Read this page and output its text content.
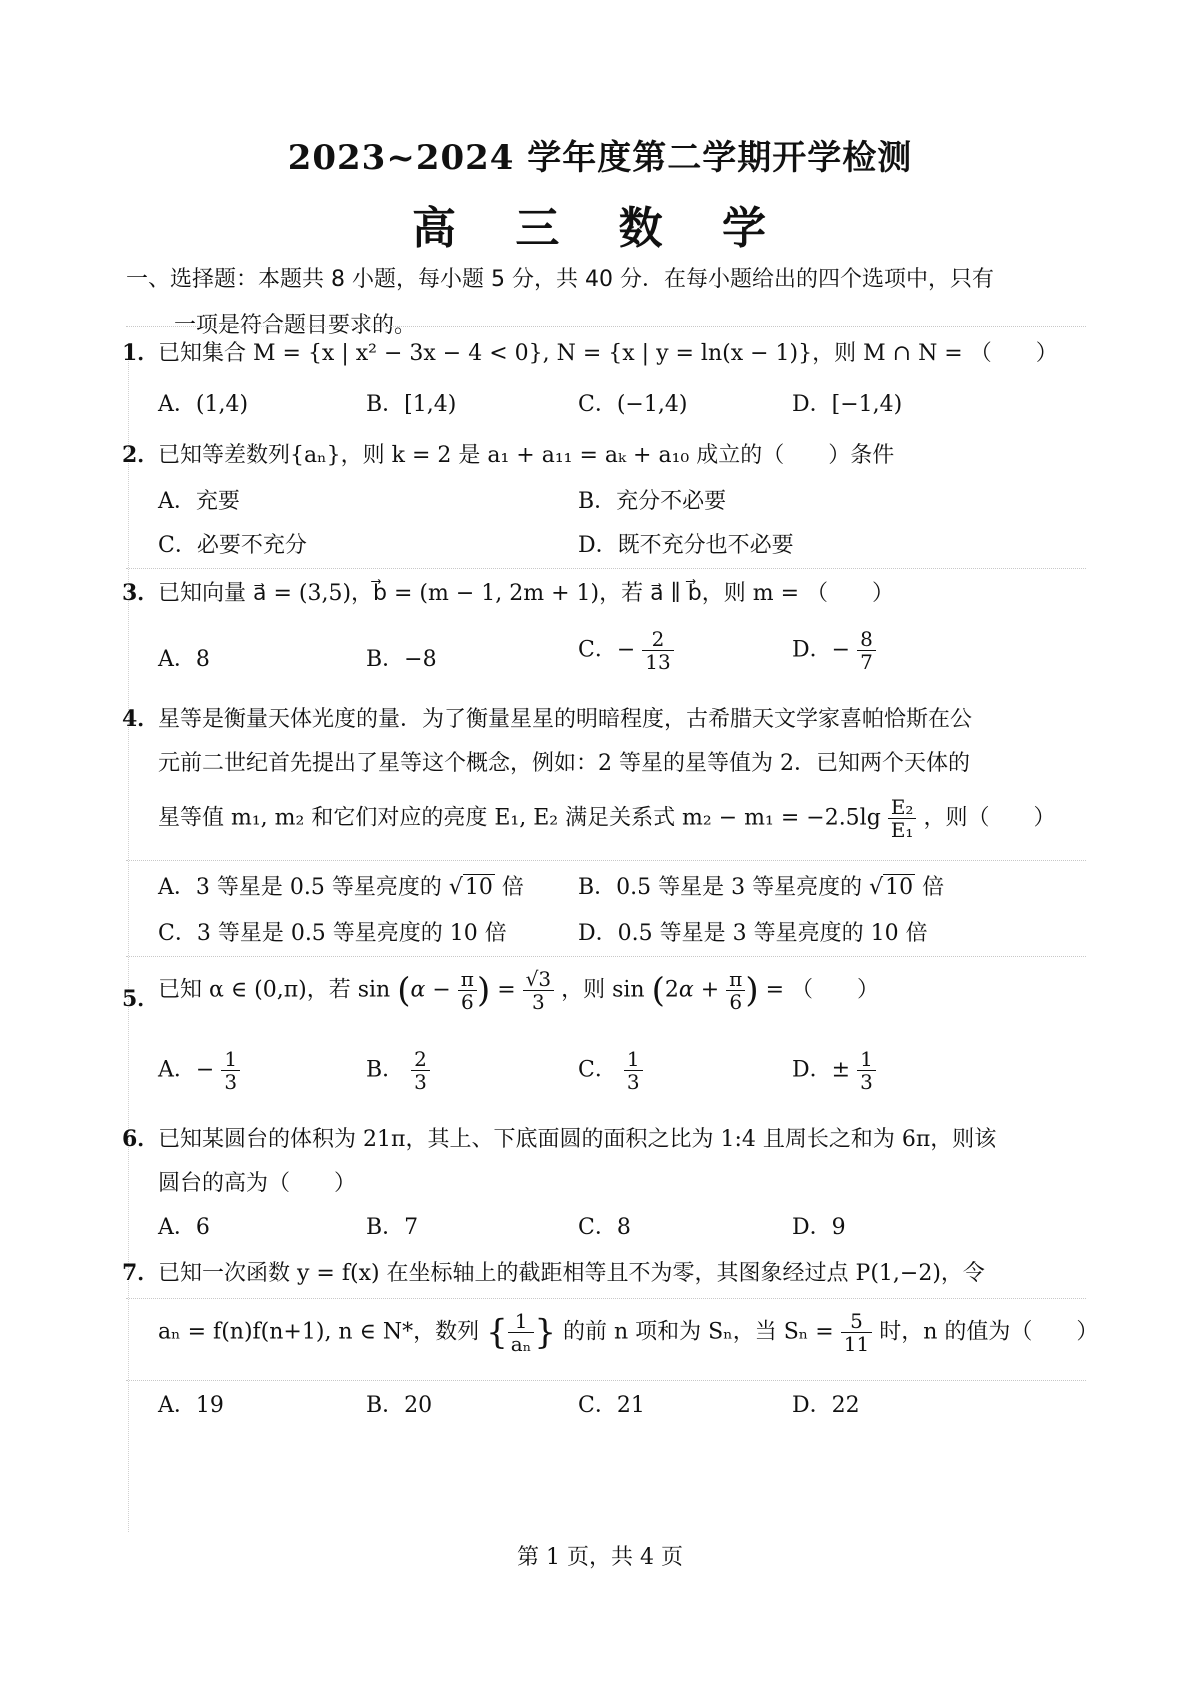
2023~2024 学年度第二学期开学检测
高 三 数 学
一、选择题：本题共 8 小题，每小题 5 分，共 40 分．在每小题给出的四个选项中，只有
一项是符合题目要求的。
1．
已知集合 M = {x | x² − 3x − 4 < 0}, N = {x | y = ln(x − 1)}，则 M ∩ N = （　　）
A．(1,4)	B．[1,4)	C．(−1,4)	D．[−1,4)
2．
已知等差数列{aₙ}，则 k = 2 是 a₁ + a₁₁ = aₖ + a₁₀ 成立的（　　）条件
A．充要	B．充分不必要
C．必要不充分	D．既不充分也不必要
3．
已知向量 a⃗ = (3,5)，b⃗ = (m − 1, 2m + 1)，若 a⃗ ∥ b⃗，则 m = （　　）
A．8	B．−8	C．− $\frac{2}{13}$	D．− $\frac{8}{7}$
4．
星等是衡量天体光度的量．为了衡量星星的明暗程度，古希腊天文学家喜帕恰斯在公
元前二世纪首先提出了星等这个概念，例如：2 等星的星等值为 2．已知两个天体的
星等值 m₁, m₂ 和它们对应的亮度 E₁, E₂ 满足关系式 $m_2 - m_1 = -2.5\lg \frac{\text{E₂}}{\text{E₁}}$ ，则（　　）
A．3 等星是 0.5 等星亮度的 √10 倍 B．0.5 等星是 3 等星亮度的 √10 倍
C．3 等星是 0.5 等星亮度的 10 倍	D．0.5 等星是 3 等星亮度的 10 倍
5．
已知 α ∈ (0,π)，若 $\sin (\alpha - \frac{\pi}{6}$ ) = $\frac{√3}{3}$ ，则 $\sin (2\alpha + \frac{\pi}{6}$ ) = （　　）
A．− $\frac{1}{3}$	B． $\frac{2}{3}$	C． $\frac{1}{3}$	D．± $\frac{1}{3}$
6．
已知某圆台的体积为 21π，其上、下底面圆的面积之比为 1:4 且周长之和为 6π，则该
圆台的高为（　　）
A．6	B．7	C．8	D．9
7．
已知一次函数 y = f(x) 在坐标轴上的截距相等且不为零，其图象经过点 P(1,−2)，令
aₙ = f(n)f(n+1), n ∈ N*，数列 { $\frac{1}{\text{aₙ}}$ } 的前 n 项和为 Sₙ，当 $S_n = \frac{5}{11}$ 时，n 的值为（　　）
A．19	B．20	C．21	D．22
第 1 页，共 4 页
